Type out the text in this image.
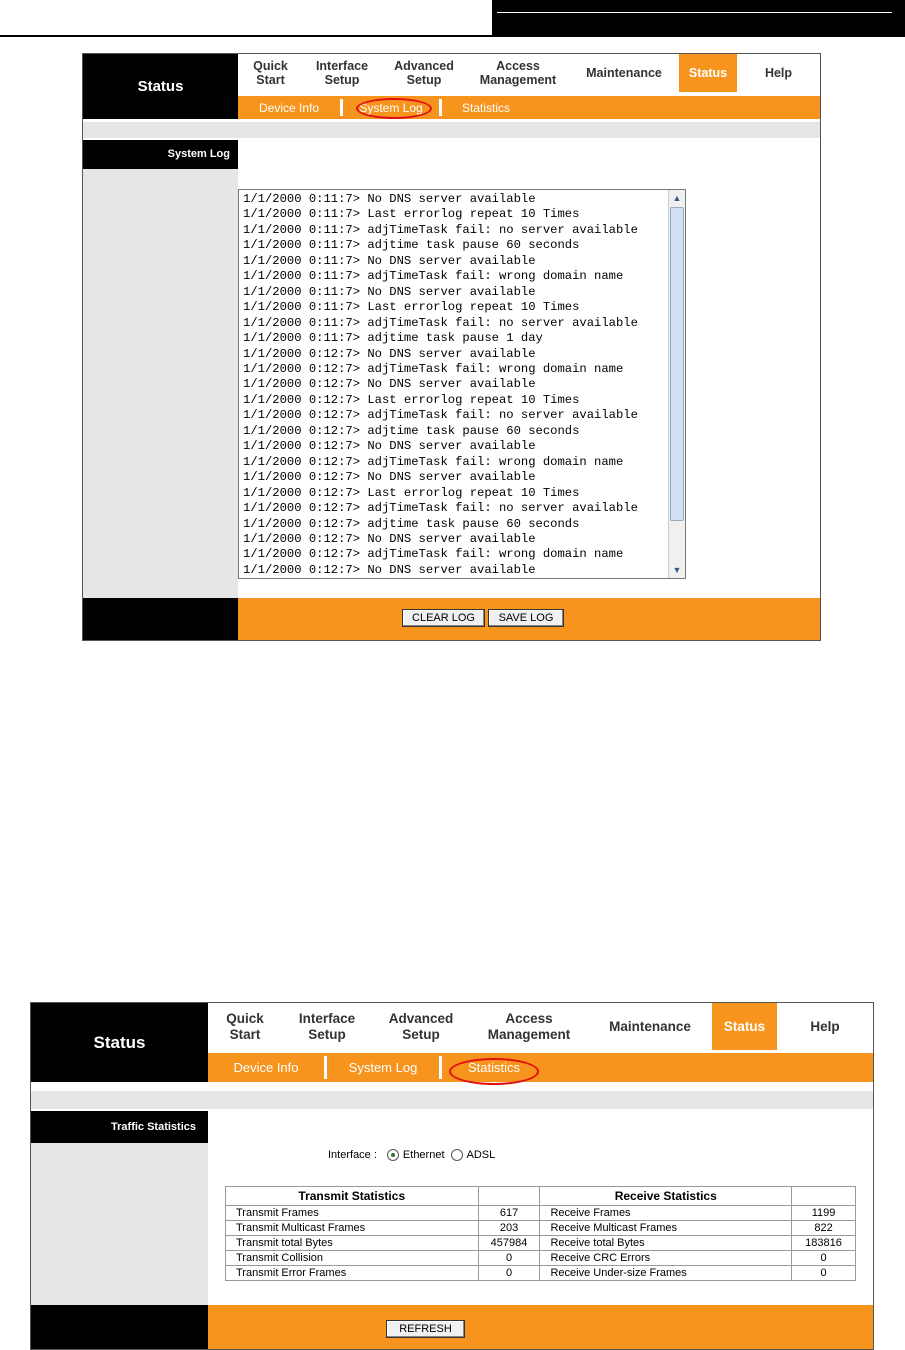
Status
Quick
Start
Interface
Setup
Advanced
Setup
Access
Management
Maintenance	Status	Help
Device Info	System Log	Statistics
System Log
1/1/2000 0:11:7> No DNS server available
1/1/2000 0:11:7> Last errorlog repeat 10 Times
1/1/2000 0:11:7> adjTimeTask fail: no server available
1/1/2000 0:11:7> adjtime task pause 60 seconds
1/1/2000 0:11:7> No DNS server available
1/1/2000 0:11:7> adjTimeTask fail: wrong domain name
1/1/2000 0:11:7> No DNS server available
1/1/2000 0:11:7> Last errorlog repeat 10 Times
1/1/2000 0:11:7> adjTimeTask fail: no server available
1/1/2000 0:11:7> adjtime task pause 1 day
1/1/2000 0:12:7> No DNS server available
1/1/2000 0:12:7> adjTimeTask fail: wrong domain name
1/1/2000 0:12:7> No DNS server available
1/1/2000 0:12:7> Last errorlog repeat 10 Times
1/1/2000 0:12:7> adjTimeTask fail: no server available
1/1/2000 0:12:7> adjtime task pause 60 seconds
1/1/2000 0:12:7> No DNS server available
1/1/2000 0:12:7> adjTimeTask fail: wrong domain name
1/1/2000 0:12:7> No DNS server available
1/1/2000 0:12:7> Last errorlog repeat 10 Times
1/1/2000 0:12:7> adjTimeTask fail: no server available
1/1/2000 0:12:7> adjtime task pause 60 seconds
1/1/2000 0:12:7> No DNS server available
1/1/2000 0:12:7> adjTimeTask fail: wrong domain name
1/1/2000 0:12:7> No DNS server available
▲
▼
CLEAR LOG	SAVE LOG
Status
Quick
Start
Interface
Setup
Advanced
Setup
Access
Management
Maintenance	Status	Help
Device Info	System Log	Statistics
Traffic Statistics
Interface : Ethernet ADSL
Transmit Statistics		Receive Statistics	
Transmit Frames	617	Receive Frames	1199
Transmit Multicast Frames	203	Receive Multicast Frames	822
Transmit total Bytes	457984	Receive total Bytes	183816
Transmit Collision	0	Receive CRC Errors	0
Transmit Error Frames	0	Receive Under-size Frames	0
REFRESH
